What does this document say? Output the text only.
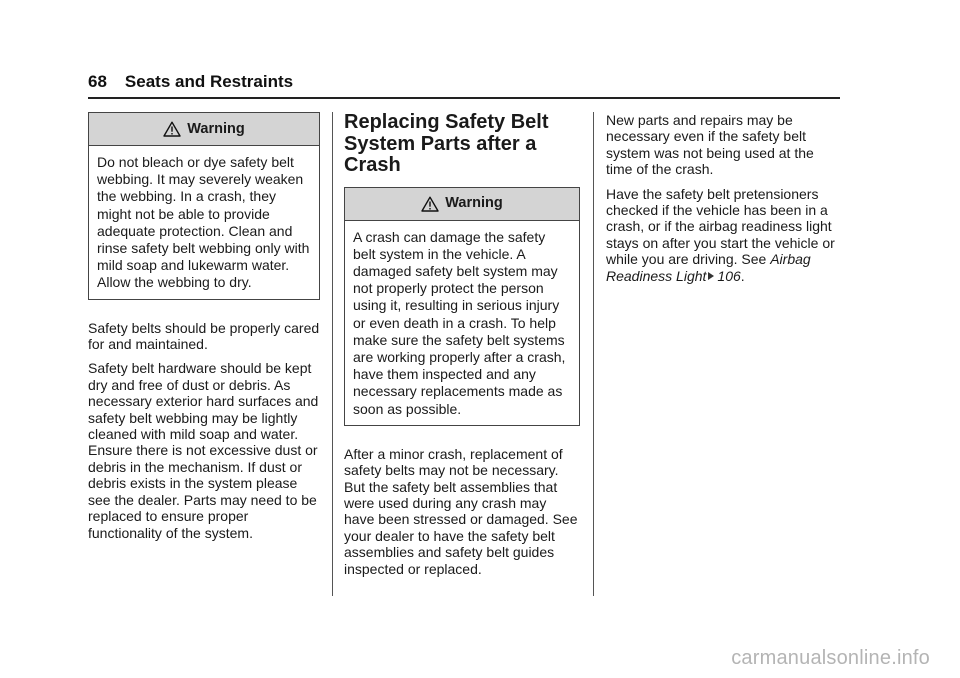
68 Seats and Restraints
Warning
Do not bleach or dye safety belt webbing. It may severely weaken the webbing. In a crash, they might not be able to provide adequate protection. Clean and rinse safety belt webbing only with mild soap and lukewarm water. Allow the webbing to dry.

Safety belts should be properly cared for and maintained.

Safety belt hardware should be kept dry and free of dust or debris. As necessary exterior hard surfaces and safety belt webbing may be lightly cleaned with mild soap and water. Ensure there is not excessive dust or debris in the mechanism. If dust or debris exists in the system please see the dealer. Parts may need to be replaced to ensure proper functionality of the system.

Replacing Safety Belt System Parts after a Crash
Warning
A crash can damage the safety belt system in the vehicle. A damaged safety belt system may not properly protect the person using it, resulting in serious injury or even death in a crash. To help make sure the safety belt systems are working properly after a crash, have them inspected and any necessary replacements made as soon as possible.

After a minor crash, replacement of safety belts may not be necessary. But the safety belt assemblies that were used during any crash may have been stressed or damaged. See your dealer to have the safety belt assemblies and safety belt guides inspected or replaced.

New parts and repairs may be necessary even if the safety belt system was not being used at the time of the crash.

Have the safety belt pretensioners checked if the vehicle has been in a crash, or if the airbag readiness light stays on after you start the vehicle or while you are driving. See Airbag Readiness Light 106.

carmanualsonline.info
